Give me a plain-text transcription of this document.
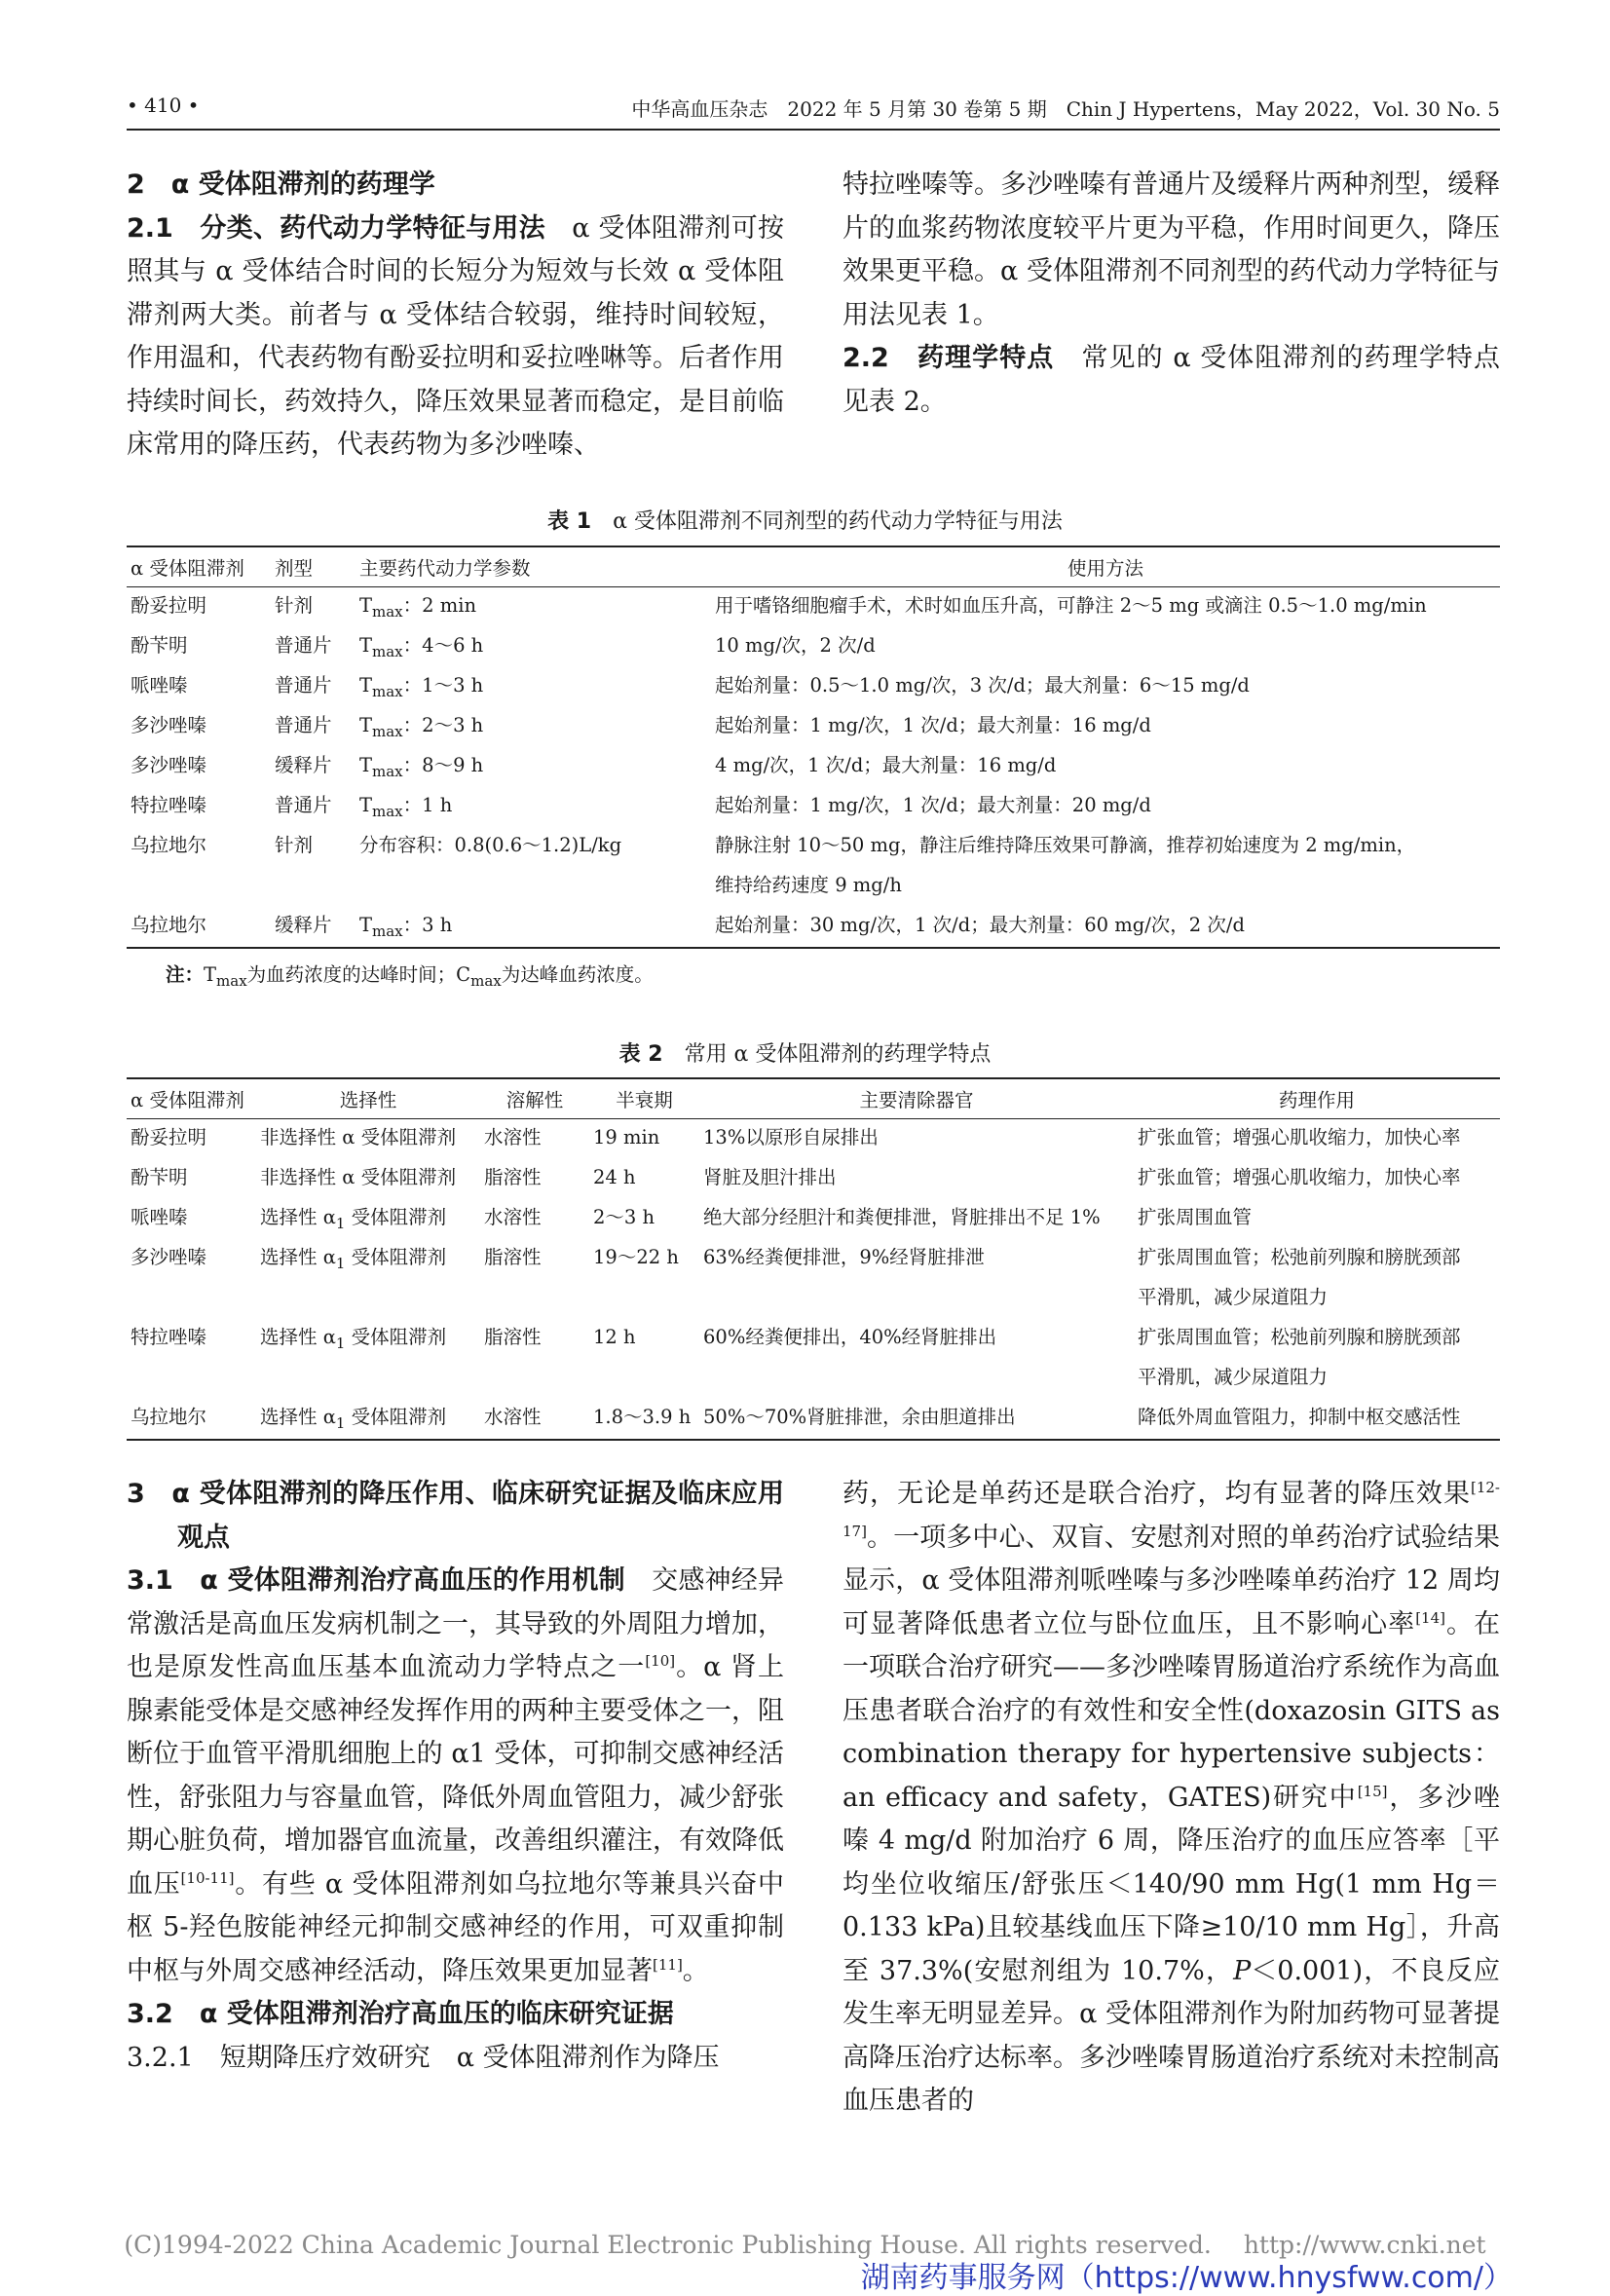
• 410 •	中华高血压杂志　2022 年 5 月第 30 卷第 5 期　Chin J Hypertens，May 2022，Vol. 30 No. 5

2　α 受体阻滞剂的药理学

2.1　分类、药代动力学特征与用法　α 受体阻滞剂可按照其与 α 受体结合时间的长短分为短效与长效 α 受体阻滞剂两大类。前者与 α 受体结合较弱，维持时间较短，作用温和，代表药物有酚妥拉明和妥拉唑啉等。后者作用持续时间长，药效持久，降压效果显著而稳定，是目前临床常用的降压药，代表药物为多沙唑嗪、

特拉唑嗪等。多沙唑嗪有普通片及缓释片两种剂型，缓释片的血浆药物浓度较平片更为平稳，作用时间更久，降压效果更平稳。α 受体阻滞剂不同剂型的药代动力学特征与用法见表 1。

2.2　药理学特点　常见的 α 受体阻滞剂的药理学特点见表 2。

表 1　 α 受体阻滞剂不同剂型的药代动力学特征与用法
α 受体阻滞剂	剂型	主要药代动力学参数	使用方法
酚妥拉明	针剂	$T_{max}$：2 min	用于嗜铬细胞瘤手术，术时如血压升高，可静注 2～5 mg 或滴注 0.5～1.0 mg/min
酚苄明	普通片	$T_{max}$：4～6 h	10 mg/次，2 次/d
哌唑嗪	普通片	$T_{max}$：1～3 h	起始剂量：0.5～1.0 mg/次，3 次/d；最大剂量：6～15 mg/d
多沙唑嗪	普通片	$T_{max}$：2～3 h	起始剂量：1 mg/次，1 次/d；最大剂量：16 mg/d
多沙唑嗪	缓释片	$T_{max}$：8～9 h	4 mg/次，1 次/d；最大剂量：16 mg/d
特拉唑嗪	普通片	$T_{max}$：1 h	起始剂量：1 mg/次，1 次/d；最大剂量：20 mg/d
乌拉地尔	针剂	分布容积：0.8(0.6～1.2)L/kg	静脉注射 10～50 mg，静注后维持降压效果可静滴，推荐初始速度为 2 mg/min，
			维持给药速度 9 mg/h
乌拉地尔	缓释片	$T_{max}$：3 h	起始剂量：30 mg/次，1 次/d；最大剂量：60 mg/次，2 次/d
注：$T_{max}$为血药浓度的达峰时间；$C_{max}$为达峰血药浓度。
表 2　 常用 α 受体阻滞剂的药理学特点
α 受体阻滞剂	选择性	溶解性	半衰期	主要清除器官	药理作用
酚妥拉明	非选择性 α 受体阻滞剂	水溶性	19 min	13%以原形自尿排出	扩张血管；增强心肌收缩力，加快心率
酚苄明	非选择性 α 受体阻滞剂	脂溶性	24 h	肾脏及胆汁排出	扩张血管；增强心肌收缩力，加快心率
哌唑嗪	选择性 $\alpha_1$ 受体阻滞剂	水溶性	2～3 h	绝大部分经胆汁和粪便排泄，肾脏排出不足 1%	扩张周围血管
多沙唑嗪	选择性 $\alpha_1$ 受体阻滞剂	脂溶性	19～22 h	63%经粪便排泄，9%经肾脏排泄	扩张周围血管；松弛前列腺和膀胱颈部
					平滑肌，减少尿道阻力
特拉唑嗪	选择性 $\alpha_1$ 受体阻滞剂	脂溶性	12 h	60%经粪便排出，40%经肾脏排出	扩张周围血管；松弛前列腺和膀胱颈部
					平滑肌，减少尿道阻力
乌拉地尔	选择性 $\alpha_1$ 受体阻滞剂	水溶性	1.8～3.9 h	50%～70%肾脏排泄，余由胆道排出	降低外周血管阻力，抑制中枢交感活性

3　α 受体阻滞剂的降压作用、临床研究证据及临床应用观点

3.1　α 受体阻滞剂治疗高血压的作用机制　交感神经异常激活是高血压发病机制之一，其导致的外周阻力增加，也是原发性高血压基本血流动力学特点之一[10]。α 肾上腺素能受体是交感神经发挥作用的两种主要受体之一，阻断位于血管平滑肌细胞上的 α1 受体，可抑制交感神经活性，舒张阻力与容量血管，降低外周血管阻力，减少舒张期心脏负荷，增加器官血流量，改善组织灌注，有效降低血压[10-11]。有些 α 受体阻滞剂如乌拉地尔等兼具兴奋中枢 5-羟色胺能神经元抑制交感神经的作用，可双重抑制中枢与外周交感神经活动，降压效果更加显著[11]。

3.2　α 受体阻滞剂治疗高血压的临床研究证据

3.2.1　短期降压疗效研究　α 受体阻滞剂作为降压

药，无论是单药还是联合治疗，均有显著的降压效果[12-17]。一项多中心、双盲、安慰剂对照的单药治疗试验结果显示，α 受体阻滞剂哌唑嗪与多沙唑嗪单药治疗 12 周均可显著降低患者立位与卧位血压，且不影响心率[14]。在一项联合治疗研究——多沙唑嗪胃肠道治疗系统作为高血压患者联合治疗的有效性和安全性(doxazosin GITS as combination therapy for hypertensive subjects：an efficacy and safety，GATES)研究中[15]，多沙唑嗪 4 mg/d 附加治疗 6 周，降压治疗的血压应答率［平均坐位收缩压/舒张压＜140/90 mm Hg(1 mm Hg＝0.133 kPa)且较基线血压下降≥10/10 mm Hg］，升高至 37.3%(安慰剂组为 10.7%，P＜0.001)，不良反应发生率无明显差异。α 受体阻滞剂作为附加药物可显著提高降压治疗达标率。多沙唑嗪胃肠道治疗系统对未控制高血压患者的

(C)1994-2022 China Academic Journal Electronic Publishing House. All rights reserved.　 http://www.cnki.net
湖南药事服务网（https://www.hnysfww.com/）
